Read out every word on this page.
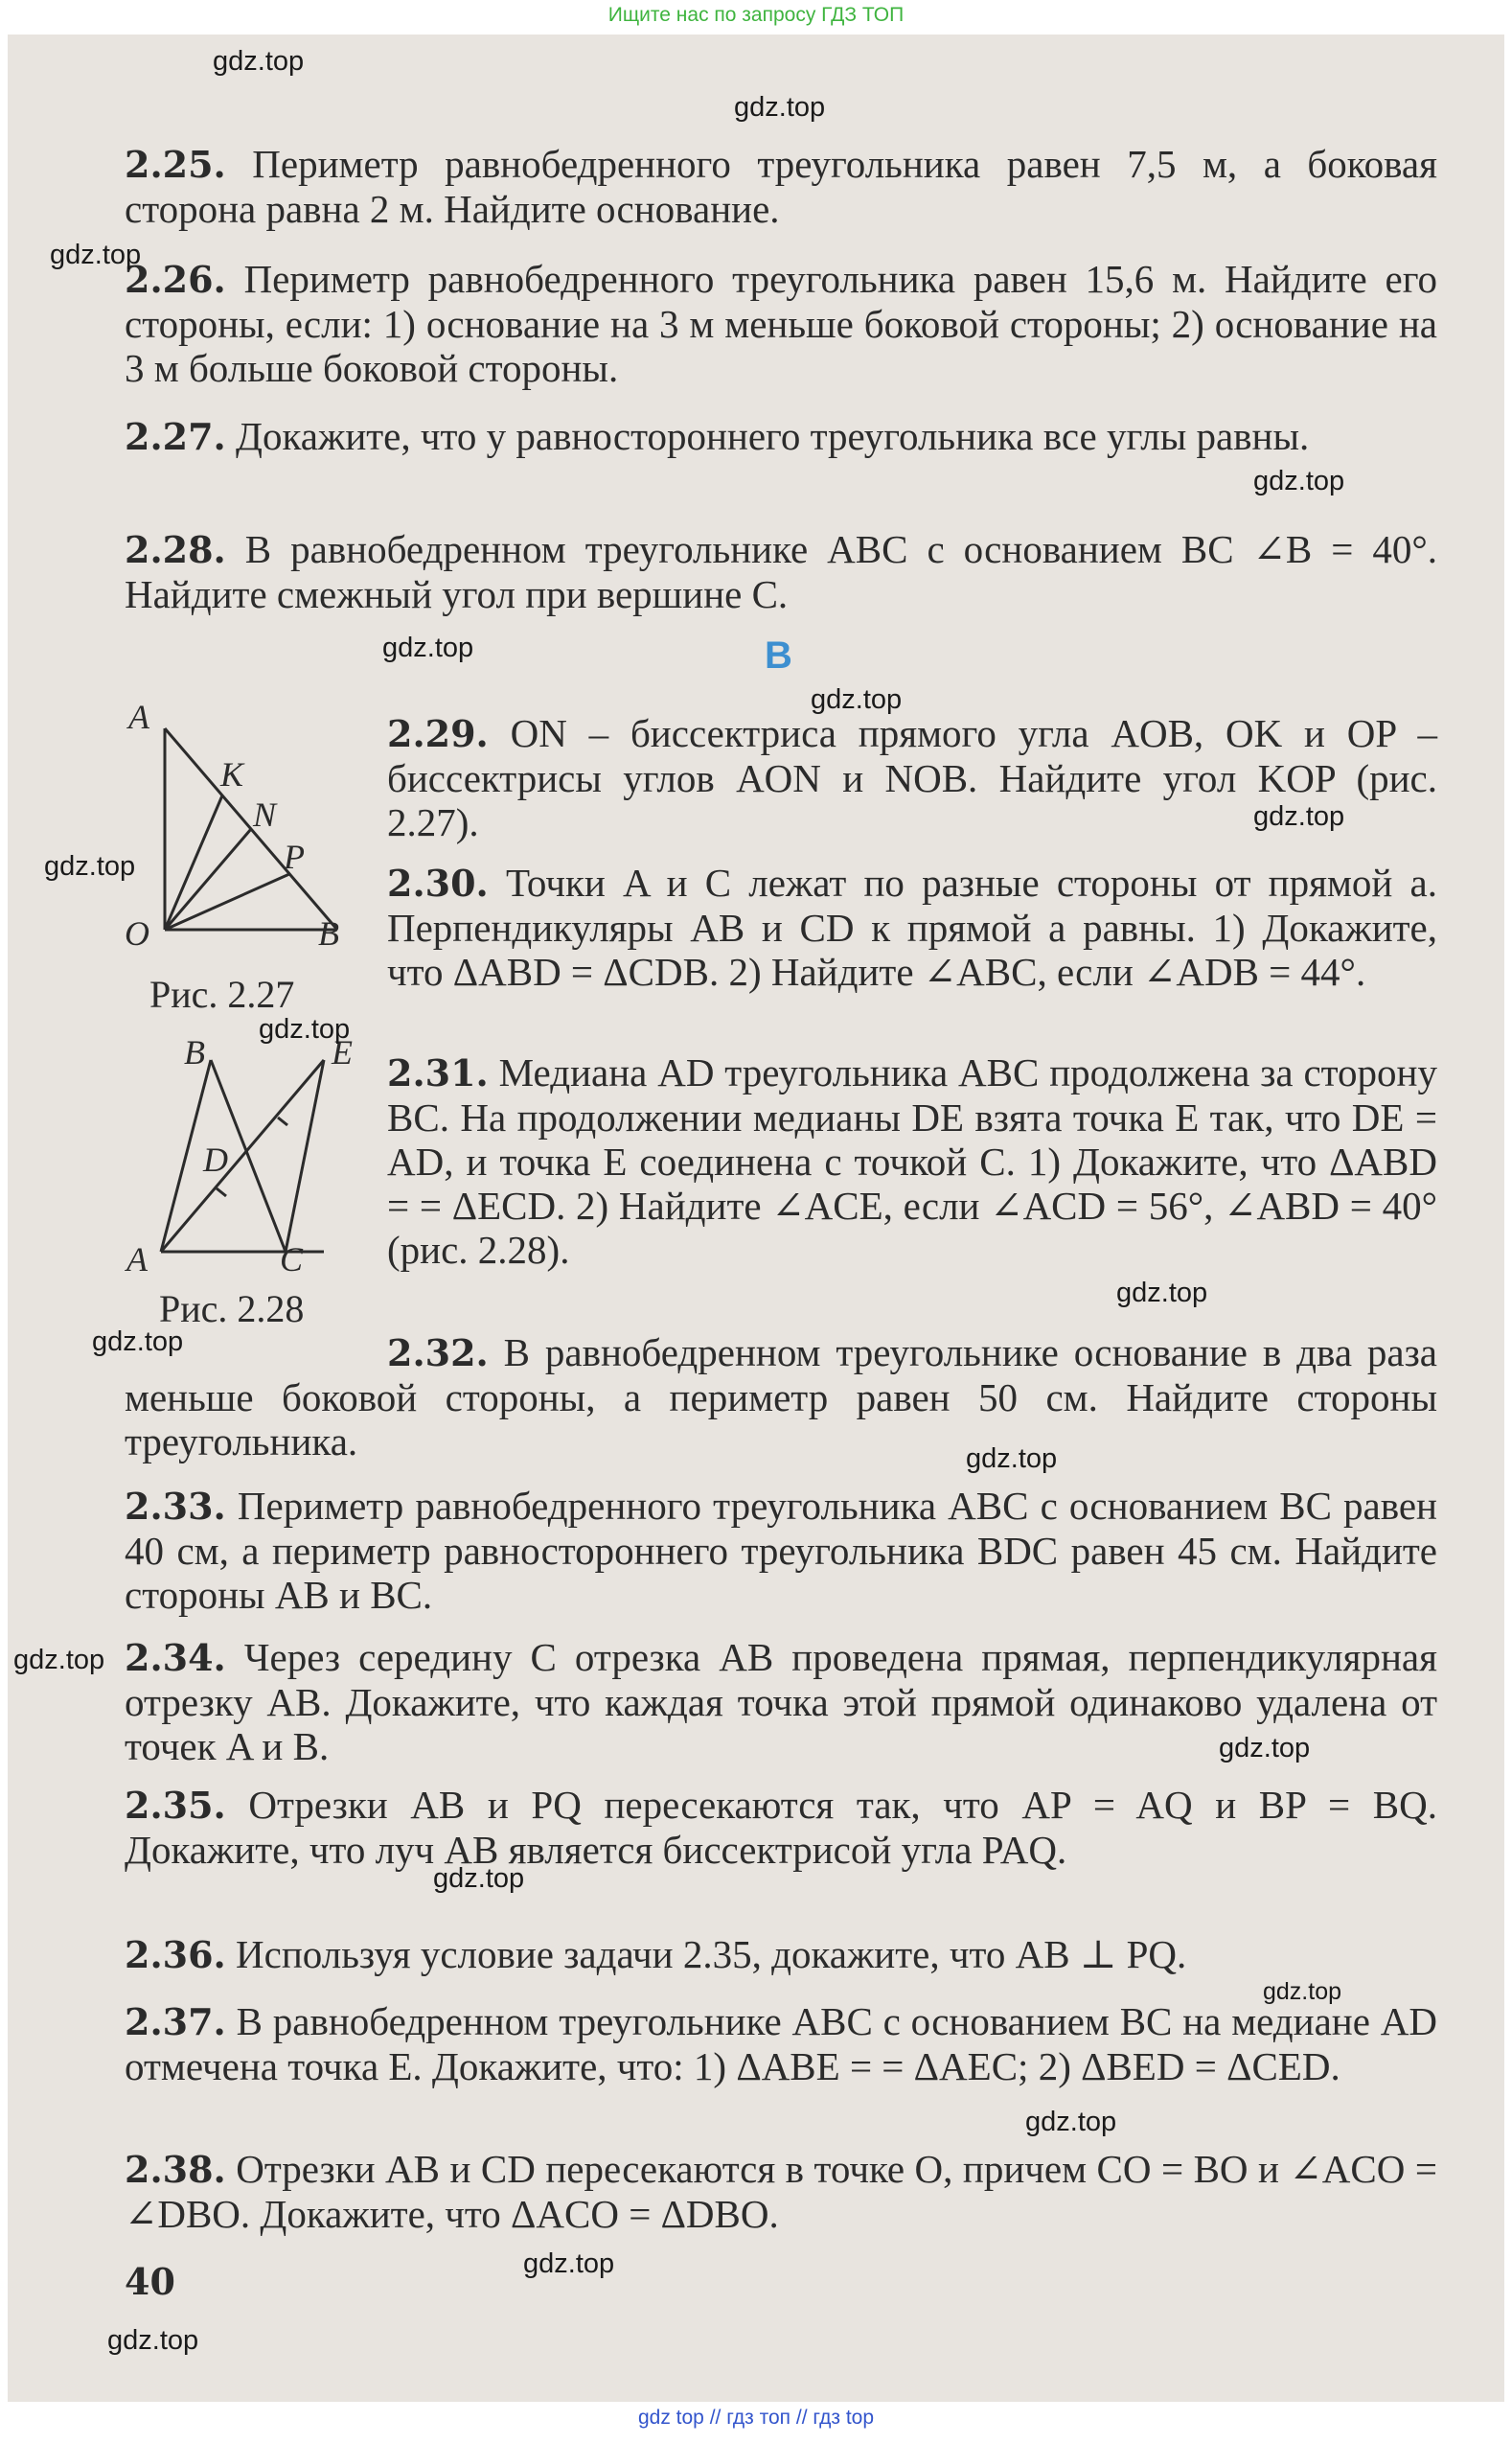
Ищите нас по запросу ГДЗ ТОП

2.25. Периметр равнобедренного треугольника равен 7,5 м, а боковая сторона равна 2 м. Найдите основание.

2.26. Периметр равнобедренного треугольника равен 15,6 м. Найдите его стороны, если: 1) основание на 3 м меньше боковой стороны; 2) основание на 3 м больше боковой стороны.

2.27. Докажите, что у равностороннего треугольника все углы равны.

2.28. В равнобедренном треугольнике ABC с основанием BC ∠B = 40°. Найдите смежный угол при вершине C.

B

2.29. ON – биссектриса прямого угла AOB, OK и OP – биссектрисы углов AON и NOB. Найдите угол KOP (рис. 2.27).

2.30. Точки A и C лежат по разные стороны от прямой a. Перпендикуляры AB и CD к прямой a равны. 1) Докажите, что ΔABD = ΔCDB. 2) Найдите ∠ABC, если ∠ADB = 44°.

2.31. Медиана AD треугольника ABC продолжена за сторону BC. На продолжении медианы DE взята точка E так, что DE = AD, и точка E соединена с точкой C. 1) Докажите, что ΔABD = = ΔECD. 2) Найдите ∠ACE, если ∠ACD = 56°, ∠ABD = 40° (рис. 2.28).

2.32. В равнобедренном треугольнике основание в два раза меньше боковой стороны, а периметр равен 50 см. Найдите стороны треугольника.

2.33. Периметр равнобедренного треугольника ABC с основанием BC равен 40 см, а периметр равностороннего треугольника BDC равен 45 см. Найдите стороны AB и BC.

2.34. Через середину C отрезка AB проведена прямая, перпендикулярная отрезку AB. Докажите, что каждая точка этой прямой одинаково удалена от точек A и B.

2.35. Отрезки AB и PQ пересекаются так, что AP = AQ и BP = BQ. Докажите, что луч AB является биссектрисой угла PAQ.

2.36. Используя условие задачи 2.35, докажите, что AB ⊥ PQ.

2.37. В равнобедренном треугольнике ABC с основанием BC на медиане AD отмечена точка E. Докажите, что: 1) ΔABE = = ΔAEC; 2) ΔBED = ΔCED.

2.38. Отрезки AB и CD пересекаются в точке O, причем CO = BO и ∠ACO = ∠DBO. Докажите, что ΔACO = ΔDBO.

A
K
N
P
O	B
Рис. 2.27
B	E
D
A	C
Рис. 2.28
40
gdz.top
gdz.top
gdz.top
gdz.top
gdz.top
gdz.top
gdz.top
gdz.top
gdz.top
gdz.top
gdz.top
gdz.top
gdz.top
gdz.top
gdz.top
gdz.top
gdz.top
gdz.top
gdz.top
gdz top // гдз топ // гдз top
